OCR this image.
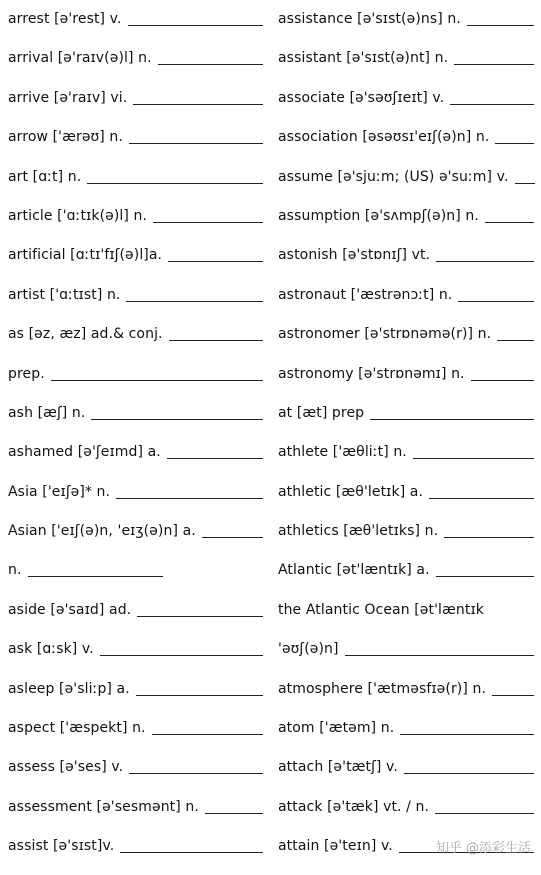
arrest [ə'rest] v.
arrival [ə'raɪv(ə)l] n.
arrive [ə'raɪv] vi.
arrow ['ærəʊ] n.
art [ɑːt] n.
article ['ɑːtɪk(ə)l] n.
artificial [ɑːtɪ'fɪʃ(ə)l]a.
artist ['ɑːtɪst] n.
as [əz, æz] ad.& conj.
prep.
ash [æʃ] n.
ashamed [ə'ʃeɪmd] a.
Asia ['eɪʃə]* n.
Asian ['eɪʃ(ə)n, 'eɪʒ(ə)n] a.
n.
aside [ə'saɪd] ad.
ask [ɑːsk] v.
asleep [ə'sliːp] a.
aspect ['æspekt] n.
assess [ə'ses] v.
assessment [ə'sesmənt] n.
assist [ə'sɪst]v.
assistance [ə'sɪst(ə)ns] n.
assistant [ə'sɪst(ə)nt] n.
associate [ə'səʊʃɪeɪt] v.
association [əsəʊsɪ'eɪʃ(ə)n] n.
assume [ə'sjuːm; (US) ə'suːm] v.
assumption [ə'sʌmpʃ(ə)n] n.
astonish [ə'stɒnɪʃ] vt.
astronaut ['æstrənɔːt] n.
astronomer [ə'strɒnəmə(r)] n.
astronomy [ə'strɒnəmɪ] n.
at [æt] prep
athlete ['æθliːt] n.
athletic [æθ'letɪk] a.
athletics [æθ'letɪks] n.
Atlantic [ət'læntɪk] a.
the Atlantic Ocean [ət'læntɪk
'əʊʃ(ə)n]
atmosphere ['ætməsfɪə(r)] n.
atom ['ætəm] n.
attach [ə'tætʃ] v.
attack [ə'tæk] vt. / n.
attain [ə'teɪn] v.	知乎 @添彩生活
